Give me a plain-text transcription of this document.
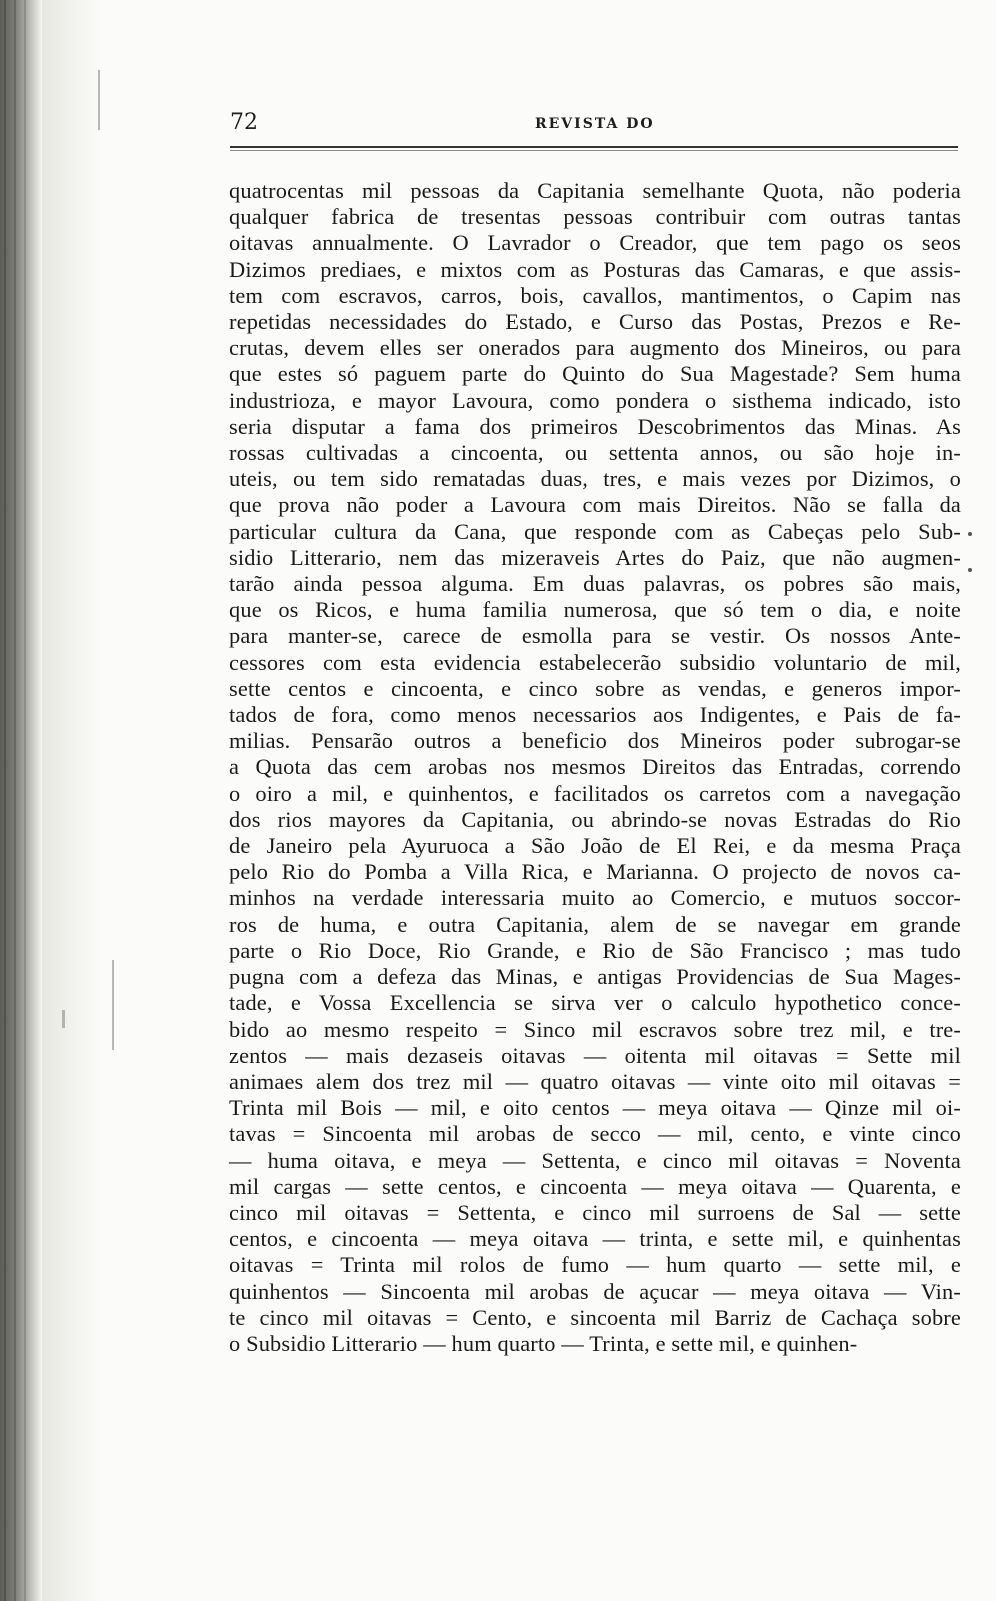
72	REVISTA DO
quatrocentas mil pessoas da Capitania semelhante Quota, não poderia
qualquer fabrica de tresentas pessoas contribuir com outras tantas
oitavas annualmente. O Lavrador o Creador, que tem pago os seos
Dizimos prediaes, e mixtos com as Posturas das Camaras, e que assis-
tem com escravos, carros, bois, cavallos, mantimentos, o Capim nas
repetidas necessidades do Estado, e Curso das Postas, Prezos e Re-
crutas, devem elles ser onerados para augmento dos Mineiros, ou para
que estes só paguem parte do Quinto do Sua Magestade? Sem huma
industrioza, e mayor Lavoura, como pondera o sisthema indicado, isto
seria disputar a fama dos primeiros Descobrimentos das Minas. As
rossas cultivadas a cincoenta, ou settenta annos, ou são hoje in-
uteis, ou tem sido rematadas duas, tres, e mais vezes por Dizimos, o
que prova não poder a Lavoura com mais Direitos. Não se falla da
particular cultura da Cana, que responde com as Cabeças pelo Sub-
sidio Litterario, nem das mizeraveis Artes do Paiz, que não augmen-
tarão ainda pessoa alguma. Em duas palavras, os pobres são mais,
que os Ricos, e huma familia numerosa, que só tem o dia, e noite
para manter-se, carece de esmolla para se vestir. Os nossos Ante-
cessores com esta evidencia estabelecerão subsidio voluntario de mil,
sette centos e cincoenta, e cinco sobre as vendas, e generos impor-
tados de fora, como menos necessarios aos Indigentes, e Pais de fa-
milias. Pensarão outros a beneficio dos Mineiros poder subrogar-se
a Quota das cem arobas nos mesmos Direitos das Entradas, correndo
o oiro a mil, e quinhentos, e facilitados os carretos com a navegação
dos rios mayores da Capitania, ou abrindo-se novas Estradas do Rio
de Janeiro pela Ayuruoca a São João de El Rei, e da mesma Praça
pelo Rio do Pomba a Villa Rica, e Marianna. O projecto de novos ca-
minhos na verdade interessaria muito ao Comercio, e mutuos soccor-
ros de huma, e outra Capitania, alem de se navegar em grande
parte o Rio Doce, Rio Grande, e Rio de São Francisco ; mas tudo
pugna com a defeza das Minas, e antigas Providencias de Sua Mages-
tade, e Vossa Excellencia se sirva ver o calculo hypothetico conce-
bido ao mesmo respeito = Sinco mil escravos sobre trez mil, e tre-
zentos — mais dezaseis oitavas — oitenta mil oitavas = Sette mil
animaes alem dos trez mil — quatro oitavas — vinte oito mil oitavas =
Trinta mil Bois — mil, e oito centos — meya oitava — Qinze mil oi-
tavas = Sincoenta mil arobas de secco — mil, cento, e vinte cinco
— huma oitava, e meya — Settenta, e cinco mil oitavas = Noventa
mil cargas — sette centos, e cincoenta — meya oitava — Quarenta, e
cinco mil oitavas = Settenta, e cinco mil surroens de Sal — sette
centos, e cincoenta — meya oitava — trinta, e sette mil, e quinhentas
oitavas = Trinta mil rolos de fumo — hum quarto — sette mil, e
quinhentos — Sincoenta mil arobas de açucar — meya oitava — Vin-
te cinco mil oitavas = Cento, e sincoenta mil Barriz de Cachaça sobre
o Subsidio Litterario — hum quarto — Trinta, e sette mil, e quinhen-
